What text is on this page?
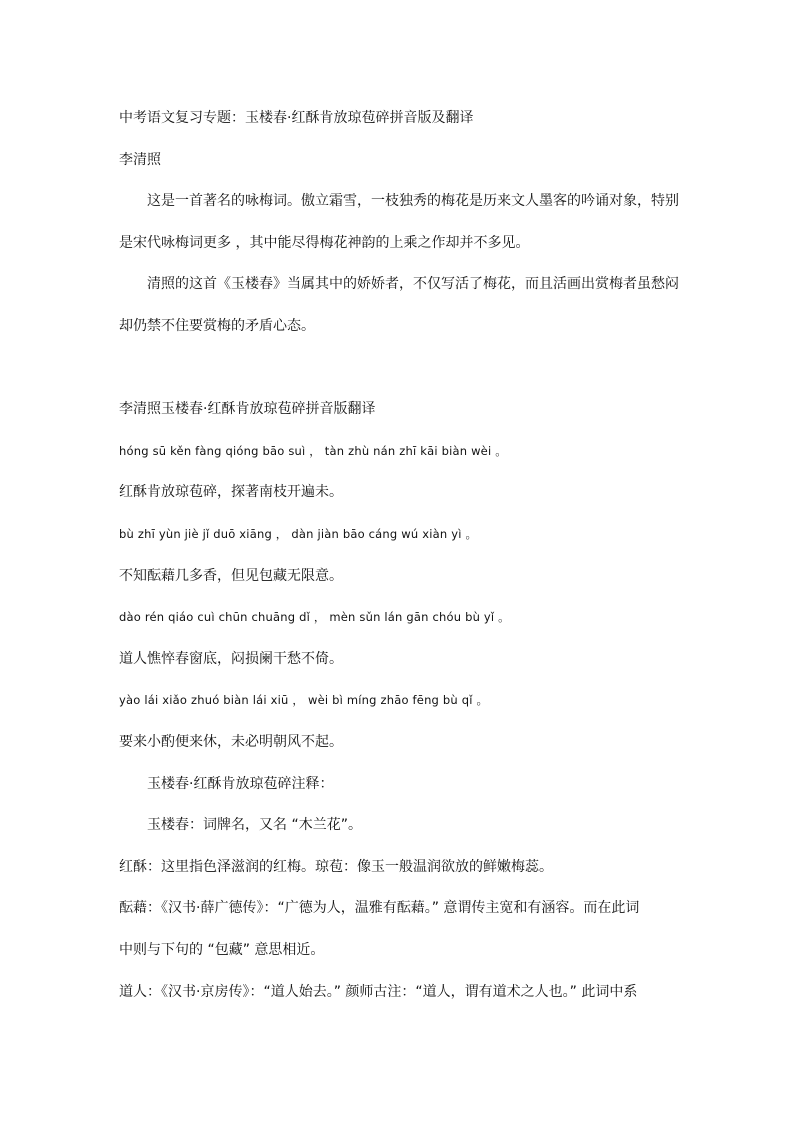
中考语文复习专题：玉楼春·红酥肯放琼苞碎拼音版及翻译
李清照
这是一首著名的咏梅词。傲立霜雪，一枝独秀的梅花是历来文人墨客的吟诵对象，特别
是宋代咏梅词更多 ，其中能尽得梅花神韵的上乘之作却并不多见。
清照的这首《玉楼春》当属其中的娇娇者，不仅写活了梅花，而且活画出赏梅者虽愁闷
却仍禁不住要赏梅的矛盾心态。
李清照玉楼春·红酥肯放琼苞碎拼音版翻译
hóng sū kěn fàng qióng bāo suì ， tàn zhù nán zhī kāi biàn wèi 。
红酥肯放琼苞碎，探著南枝开遍未。
bù zhī yùn jiè jǐ duō xiāng ， dàn jiàn bāo cáng wú xiàn yì 。
不知酝藉几多香，但见包藏无限意。
dào rén qiáo cuì chūn chuāng dǐ ， mèn sǔn lán gān chóu bù yǐ 。
道人憔悴春窗底，闷损阑干愁不倚。
yào lái xiǎo zhuó biàn lái xiū ， wèi bì míng zhāo fēng bù qǐ 。
要来小酌便来休，未必明朝风不起。
玉楼春·红酥肯放琼苞碎注释：
玉楼春：词牌名，又名 “木兰花”。
红酥：这里指色泽滋润的红梅。琼苞：像玉一般温润欲放的鲜嫩梅蕊。
酝藉：《汉书·薛广德传》：“广德为人，温雅有酝藉。” 意谓传主宽和有涵容。而在此词
中则与下句的 “包藏” 意思相近。
道人：《汉书·京房传》：“道人始去。” 颜师古注：“道人，谓有道术之人也。” 此词中系
